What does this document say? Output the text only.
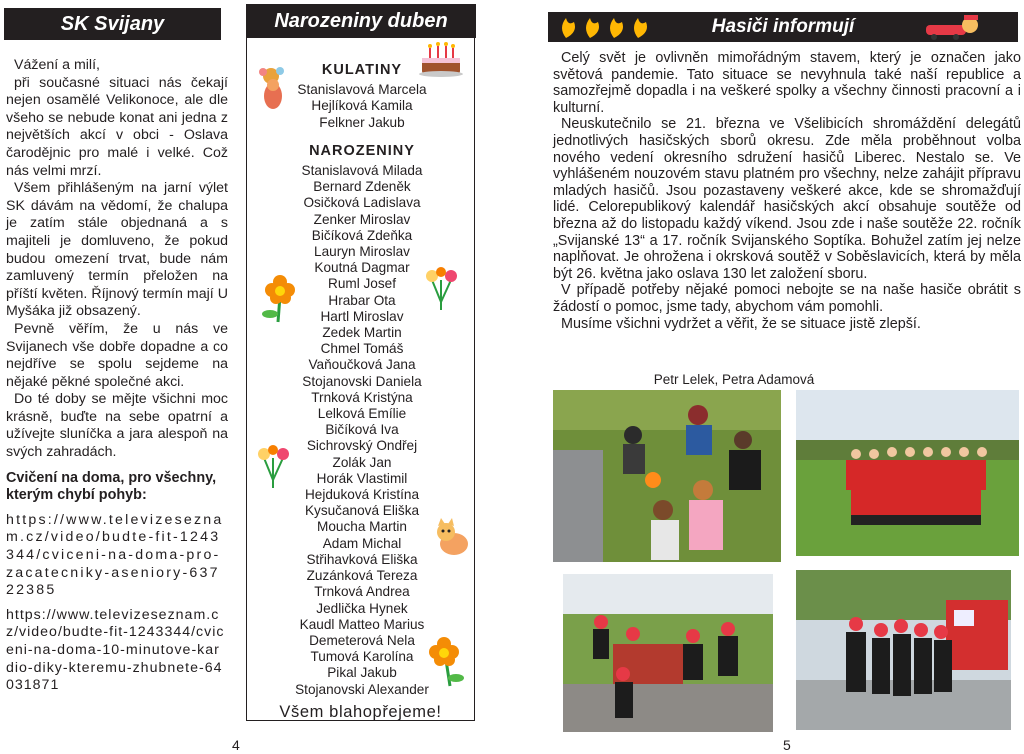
SK Svijany

Vážení a milí,

při současné situaci nás čekají nejen osamělé Velikonoce, ale dle všeho se nebude konat ani jedna z největších akcí v obci - Oslava čarodějnic pro malé i velké. Což nás velmi mrzí.

Všem přihlášeným na jarní výlet SK dávám na vědomí, že chalupa je zatím stále objednaná a s majiteli je domluveno, že pokud budou omezení trvat, bude nám zamluvený termín přeložen na příští květen. Říjnový termín mají U Myšáka již obsazený.

Pevně věřím, že u nás ve Svijanech vše dobře dopadne a co nejdříve se spolu sejdeme na nějaké pěkné společné akci.

Do té doby se mějte všichni moc krásně, buďte na sebe opatrní a užívejte sluníčka a jara alespoň na svých zahradách.

Cvičení na doma, pro všechny, kterým chybí pohyb:

https://www.televizeseznam.cz/video/budte-fit-1243344/cviceni-na-doma-pro-zacatecniky-aseniory-63722385

https://www.televizeseznam.cz/video/budte-fit-1243344/cviceni-na-doma-10-minutove-kardio-diky-kteremu-zhubnete-64031871

4
Narozeniny duben
KULATINY
Stanislavová Marcela
Hejlíková Kamila
Felkner Jakub
NAROZENINY
Stanislavová Milada
Bernard Zdeněk
Osičková Ladislava
Zenker Miroslav
Bičíková Zdeňka
Lauryn Miroslav
Koutná Dagmar
Ruml Josef
Hrabar Ota
Hartl Miroslav
Zedek Martin
Chmel Tomáš
Vaňoučková Jana
Stojanovski Daniela
Trnková Kristýna
Lelková Emílie
Bičíková Iva
Sichrovský Ondřej
Zolák Jan
Horák Vlastimil
Hejduková Kristína
Kysučanová Eliška
Moucha Martin
Adam Michal
Střihavková Eliška
Zuzánková Tereza
Trnková Andrea
Jedlička Hynek
Kaudl Matteo Marius
Demeterová Nela
Tumová Karolína
Pikal Jakub
Stojanovski Alexander
Všem blahopřejeme!
Hasiči informují

Celý svět je ovlivněn mimořádným stavem, který je označen jako světová pandemie. Tato situace se nevyhnula také naší republice a samozřejmě dopadla i na veškeré spolky a všechny činnosti pracovní a i kulturní.

Neuskutečnilo se 21. března ve Všelibicích shromáždění delegátů jednotlivých hasičských sborů okresu. Zde měla proběhnout volba nového vedení okresního sdružení hasičů Liberec. Nestalo se. Ve vyhlášeném nouzovém stavu platném pro všechny, nelze zahájit přípravu mladých hasičů. Jsou pozastaveny veškeré akce, kde se shromažďují lidé. Celorepublikový kalendář hasičských akcí obsahuje soutěže od března až do listopadu každý víkend. Jsou zde i naše soutěže 22. ročník „Svijanské 13“ a 17. ročník Svijanského Soptíka. Bohužel zatím jej nelze naplňovat. Je ohrožena i okrsková soutěž v Soběslavicích, která by měla být 26. května jako oslava 130 let založení sboru.

V případě potřeby nějaké pomoci nebojte se na naše hasiče obrátit s žádostí o pomoc, jsme tady, abychom vám pomohli.

Musíme všichni vydržet a věřit, že se situace jistě zlepší.

Petr Lelek, Petra Adamová
5
